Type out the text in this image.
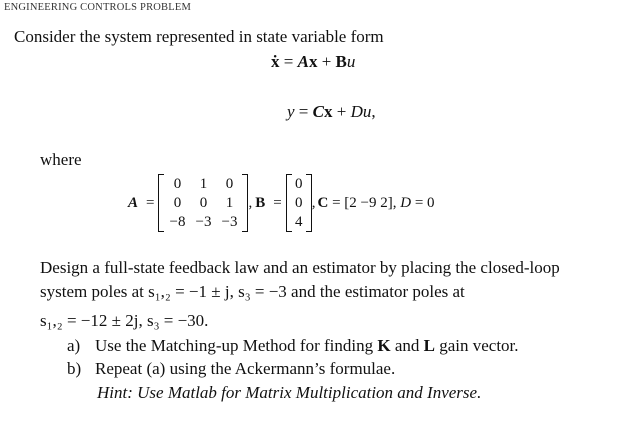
ENGINEERING CONTROLS PROBLEM
Consider the system represented in state variable form
ẋ = Ax + Bu
y = Cx + Du,
where
A =
0	1	0
0	0	1
−8 −3 −3
, B =
0
0
4
, C = [2 −9 2], D = 0
Design a full-state feedback law and an estimator by placing the closed-loop
system poles at s₁,₂ = −1 ± j, s₃ = −3 and the estimator poles at
s₁,₂ = −12 ± 2j, s₃ = −30.
a) Use the Matching-up Method for finding K and L gain vector.
b) Repeat (a) using the Ackermann’s formulae.
Hint: Use Matlab for Matrix Multiplication and Inverse.
